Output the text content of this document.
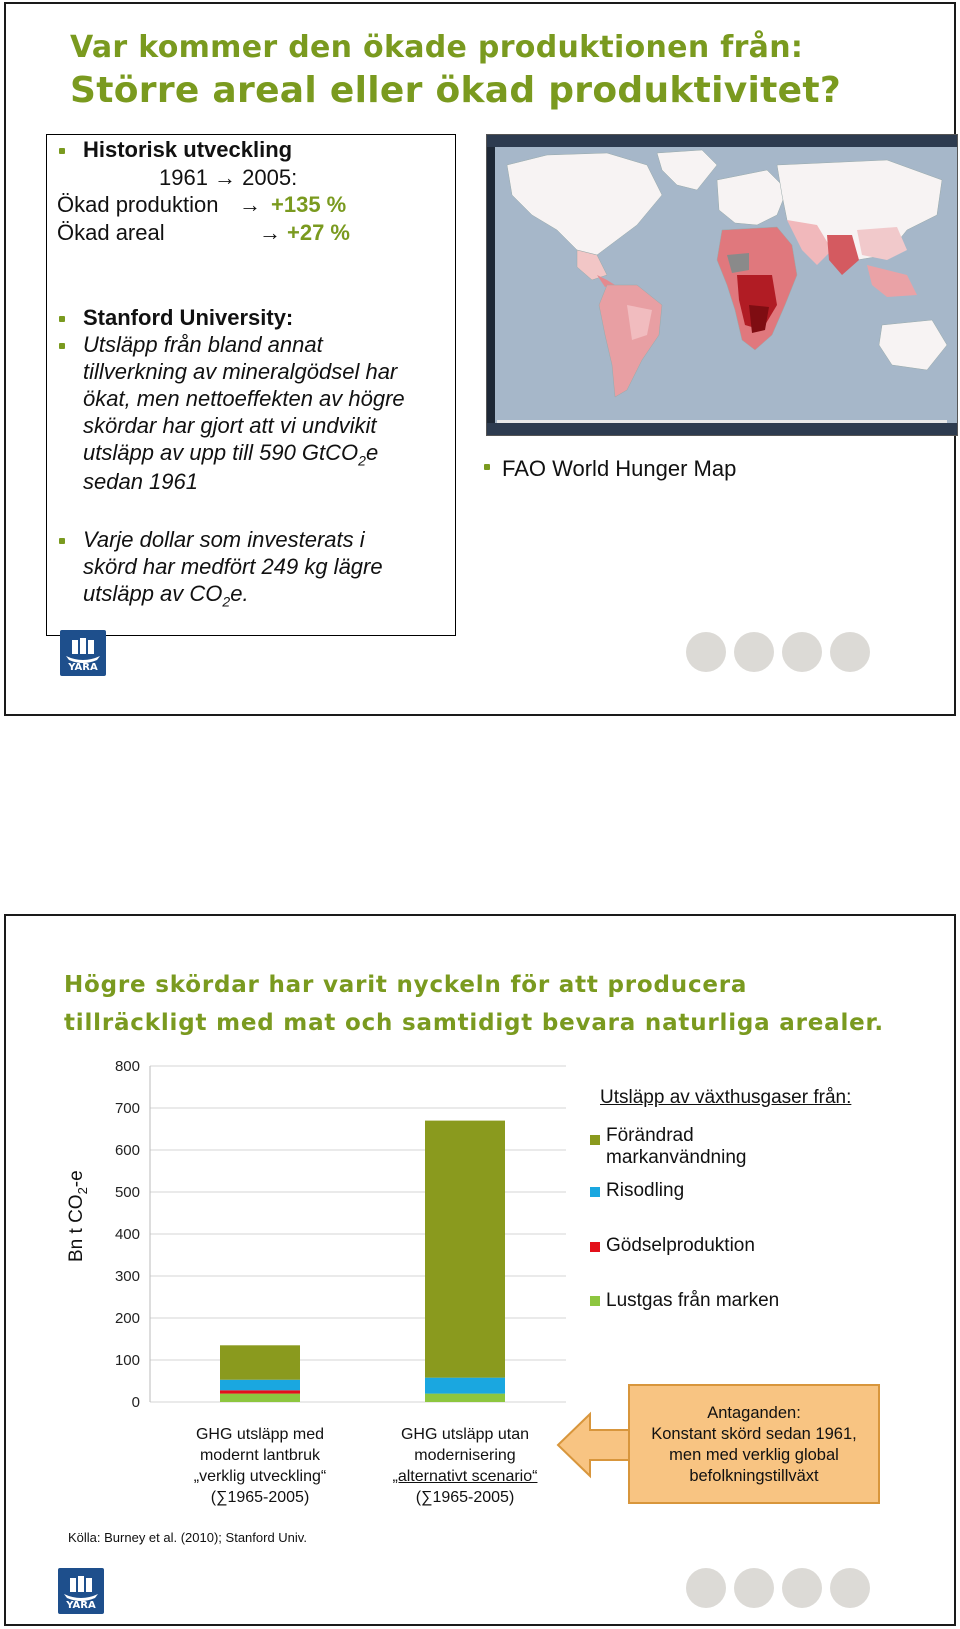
Var kommer den ökade produktionen från:
Större areal eller ökad produktivitet?
Historisk utveckling
1961 → 2005:
Ökad produktion → +135 %
Ökad areal	→ +27 %
Stanford University:
Utsläpp från bland annat
tillverkning av mineralgödsel har
ökat, men nettoeffekten av högre
skördar har gjort att vi undvikit
utsläpp av upp till 590 GtCO$_2$e
sedan 1961
Varje dollar som investerats i
skörd har medfört 249 kg lägre
utsläpp av $CO_2e$.
FAO World Hunger Map
YARA
Högre skördar har varit nyckeln för att producera
tillräckligt med mat och samtidigt bevara naturliga arealer.
0
100
200
300
400
500
600
700
800
Bn t $CO_2-e$
Utsläpp av växthusgaser från:
Förändrad
markanvändning
Risodling
Gödselproduktion
Lustgas från marken
GHG utsläpp med
modernt lantbruk
„verklig utveckling“
(∑1965-2005)
GHG utsläpp utan
modernisering
„alternativt scenario“
(∑1965-2005)
Antaganden:
Konstant skörd sedan 1961,
men med verklig global
befolkningstillväxt
Kölla: Burney et al. (2010); Stanford Univ.
YARA
